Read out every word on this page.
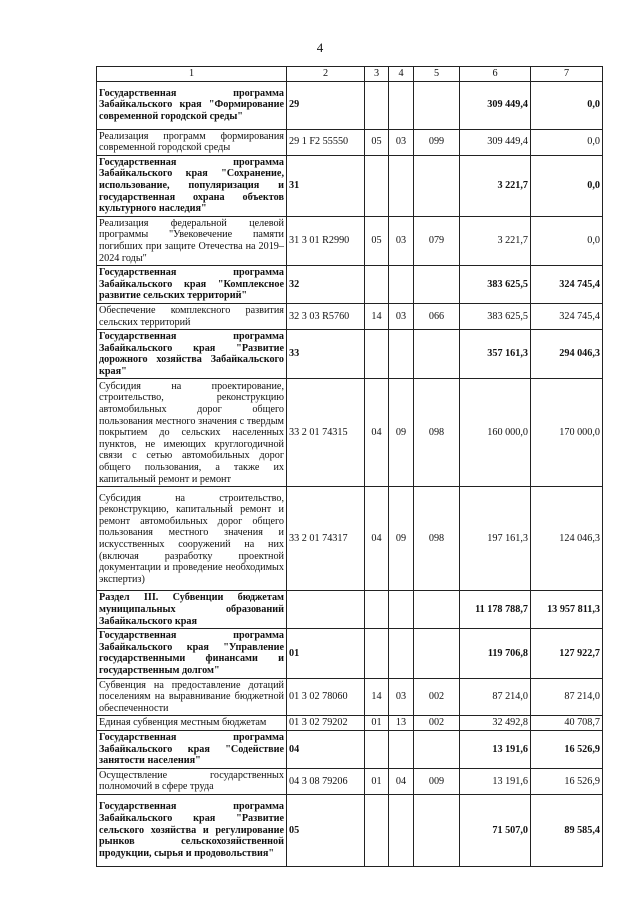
4
1	2	3	4	5	6	7
Государственная программа Забайкальского края "Формирование современной городской среды"	29				309 449,4	0,0
Реализация программ формирования современной городской среды	29 1 F2 55550	05	03	099	309 449,4	0,0
Государственная программа Забайкальского края "Сохранение, использование, популяризация и государственная охрана объектов культурного наследия"	31				3 221,7	0,0
Реализация федеральной целевой программы "Увековечение памяти погибших при защите Отечества на 2019–2024 годы"	31 3 01 R2990	05	03	079	3 221,7	0,0
Государственная программа Забайкальского края "Комплексное развитие сельских территорий"	32				383 625,5	324 745,4
Обеспечение комплексного развития сельских территорий	32 3 03 R5760	14	03	066	383 625,5	324 745,4
Государственная программа Забайкальского края "Развитие дорожного хозяйства Забайкальского края"	33				357 161,3	294 046,3
Субсидия на проектирование, строительство, реконструкцию автомобильных дорог общего пользования местного значения с твердым покрытием до сельских населенных пунктов, не имеющих круглогодичной связи с сетью автомобильных дорог общего пользования, а также их капитальный ремонт и ремонт	33 2 01 74315	04	09	098	160 000,0	170 000,0
Субсидия на строительство, реконструкцию, капитальный ремонт и ремонт автомобильных дорог общего пользования местного значения и искусственных сооружений на них (включая разработку проектной документации и проведение необходимых экспертиз)	33 2 01 74317	04	09	098	197 161,3	124 046,3
Раздел III. Субвенции бюджетам муниципальных образований Забайкальского края					11 178 788,7	13 957 811,3
Государственная программа Забайкальского края "Управление государственными финансами и государственным долгом"	01				119 706,8	127 922,7
Субвенция на предоставление дотаций поселениям на выравнивание бюджетной обеспеченности	01 3 02 78060	14	03	002	87 214,0	87 214,0
Единая субвенция местным бюджетам	01 3 02 79202	01	13	002	32 492,8	40 708,7
Государственная программа Забайкальского края "Содействие занятости населения"	04				13 191,6	16 526,9
Осуществление государственных полномочий в сфере труда	04 3 08 79206	01	04	009	13 191,6	16 526,9
Государственная программа Забайкальского края "Развитие сельского хозяйства и регулирование рынков сельскохозяйственной продукции, сырья и продовольствия"	05				71 507,0	89 585,4
